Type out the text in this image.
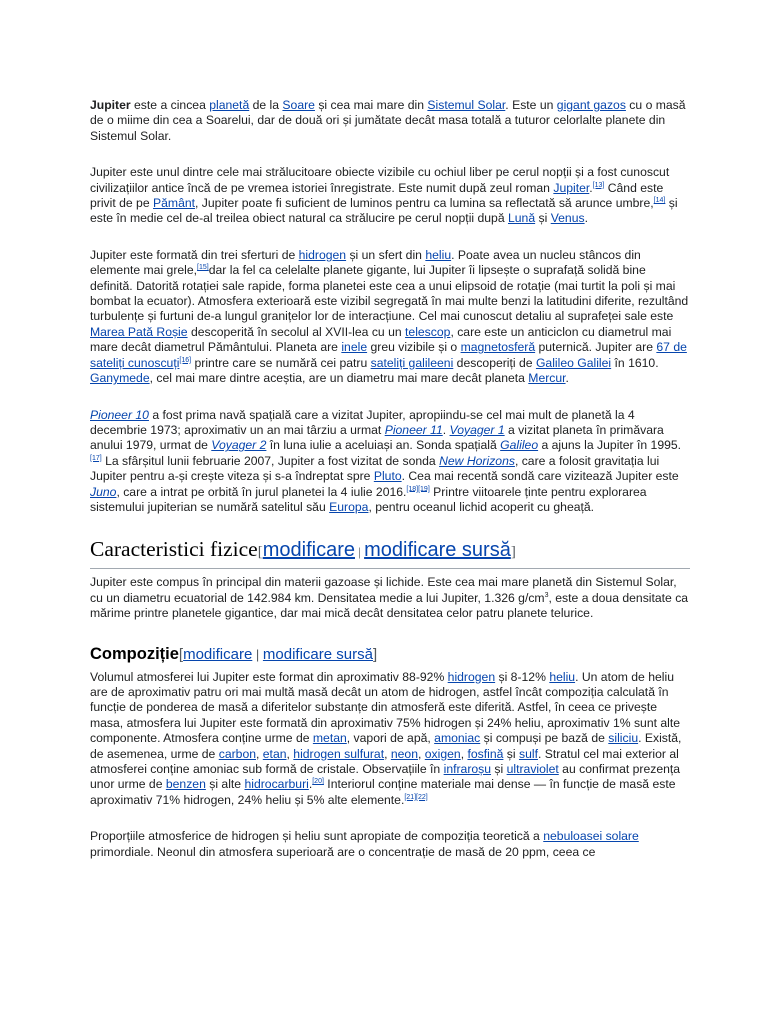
Jupiter este a cincea planetă de la Soare și cea mai mare din Sistemul Solar. Este un gigant gazos cu o masă de o miime din cea a Soarelui, dar de două ori și jumătate decât masa totală a tuturor celorlalte planete din Sistemul Solar.

Jupiter este unul dintre cele mai strălucitoare obiecte vizibile cu ochiul liber pe cerul nopții și a fost cunoscut civilizațiilor antice încă de pe vremea istoriei înregistrate. Este numit după zeul roman Jupiter.[13] Când este privit de pe Pământ, Jupiter poate fi suficient de luminos pentru ca lumina sa reflectată să arunce umbre,[14] și este în medie cel de-al treilea obiect natural ca strălucire pe cerul nopții după Lună și Venus.

Jupiter este formată din trei sferturi de hidrogen și un sfert din heliu. Poate avea un nucleu stâncos din elemente mai grele,[15]dar la fel ca celelalte planete gigante, lui Jupiter îi lipsește o suprafață solidă bine definită. Datorită rotației sale rapide, forma planetei este cea a unui elipsoid de rotație (mai turtit la poli și mai bombat la ecuator). Atmosfera exterioară este vizibil segregată în mai multe benzi la latitudini diferite, rezultând turbulențe și furtuni de-a lungul granițelor lor de interacțiune. Cel mai cunoscut detaliu al suprafeței sale este Marea Pată Roșie descoperită în secolul al XVII-lea cu un telescop, care este un anticiclon cu diametrul mai mare decât diametrul Pământului. Planeta are inele greu vizibile și o magnetosferă puternică. Jupiter are 67 de sateliți cunoscuți[16] printre care se numără cei patru sateliți galileeni descoperiți de Galileo Galilei în 1610. Ganymede, cel mai mare dintre aceștia, are un diametru mai mare decât planeta Mercur.

Pioneer 10 a fost prima navă spațială care a vizitat Jupiter, apropiindu-se cel mai mult de planetă la 4 decembrie 1973; aproximativ un an mai târziu a urmat Pioneer 11. Voyager 1 a vizitat planeta în primăvara anului 1979, urmat de Voyager 2 în luna iulie a aceluiași an. Sonda spațială Galileo a ajuns la Jupiter în 1995.[17] La sfârșitul lunii februarie 2007, Jupiter a fost vizitat de sonda New Horizons, care a folosit gravitația lui Jupiter pentru a-și crește viteza și s-a îndreptat spre Pluto. Cea mai recentă sondă care vizitează Jupiter este Juno, care a intrat pe orbită în jurul planetei la 4 iulie 2016.[18][19] Printre viitoarele ținte pentru explorarea sistemului jupiterian se numără satelitul său Europa, pentru oceanul lichid acoperit cu gheață.

Caracteristici fizice[modificare | modificare sursă]

Jupiter este compus în principal din materii gazoase și lichide. Este cea mai mare planetă din Sistemul Solar, cu un diametru ecuatorial de 142.984 km. Densitatea medie a lui Jupiter, 1.326 $g/cm^3$, este a doua densitate ca mărime printre planetele gigantice, dar mai mică decât densitatea celor patru planete telurice.

Compoziție[modificare | modificare sursă]

Volumul atmosferei lui Jupiter este format din aproximativ 88-92% hidrogen și 8-12% heliu. Un atom de heliu are de aproximativ patru ori mai multă masă decât un atom de hidrogen, astfel încât compoziția calculată în funcție de ponderea de masă a diferitelor substanțe din atmosferă este diferită. Astfel, în ceea ce privește masa, atmosfera lui Jupiter este formată din aproximativ 75% hidrogen și 24% heliu, aproximativ 1% sunt alte componente. Atmosfera conține urme de metan, vapori de apă, amoniac și compuși pe bază de siliciu. Există, de asemenea, urme de carbon, etan, hidrogen sulfurat, neon, oxigen, fosfină și sulf. Stratul cel mai exterior al atmosferei conține amoniac sub formă de cristale. Observațiile în infraroșu și ultraviolet au confirmat prezența unor urme de benzen și alte hidrocarburi.[20] Interiorul conține materiale mai dense — în funcție de masă este aproximativ 71% hidrogen, 24% heliu și 5% alte elemente.[21][22]

Proporțiile atmosferice de hidrogen și heliu sunt apropiate de compoziția teoretică a nebuloasei solare primordiale. Neonul din atmosfera superioară are o concentrație de masă de 20 ppm, ceea ce
